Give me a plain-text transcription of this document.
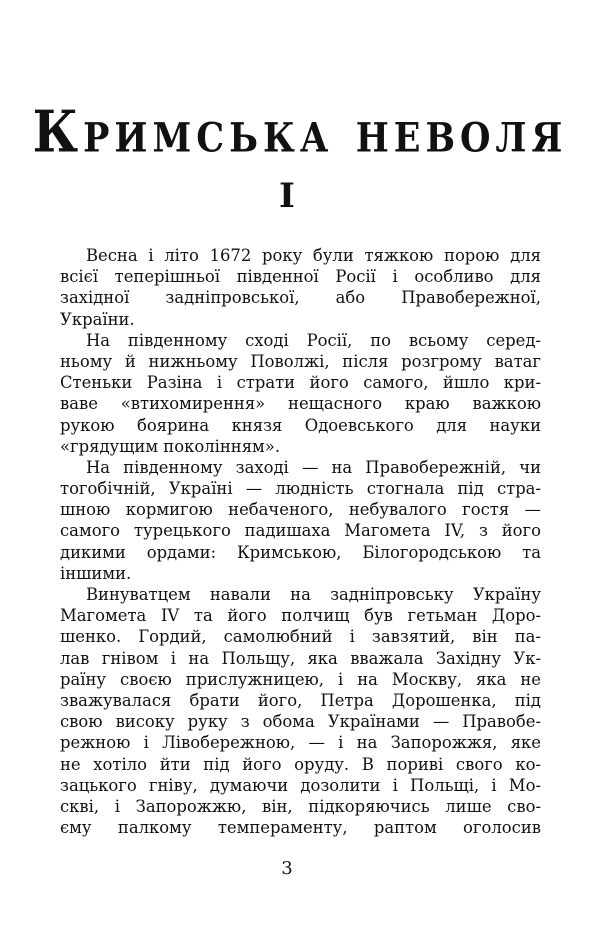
Кримська неволя
I
Весна і літо 1672 року були тяжкою порою для
всієї теперішньої південної Росії і особливо для
західної задніпровської, або Правобережної,
України.
На південному сході Росії, по всьому серед-
ньому й нижньому Поволжі, після розгрому ватаг
Стеньки Разіна і страти його самого, йшло кри-
ваве «втихомирення» нещасного краю важкою
рукою боярина князя Одоевського для науки
«грядущим поколінням».
На південному заході — на Правобережній, чи
тогобічній, Україні — людність стогнала під стра-
шною кормигою небаченого, небувалого гостя —
самого турецького падишаха Магомета IV, з його
дикими ордами: Кримською, Білогородською та
іншими.
Винуватцем навали на задніпровську Україну
Магомета IV та його полчищ був гетьман Доро-
шенко. Гордий, самолюбний і завзятий, він па-
лав гнівом і на Польщу, яка вважала Західну Ук-
раїну своєю прислужницею, і на Москву, яка не
зважувалася брати його, Петра Дорошенка, під
свою високу руку з обома Українами — Правобе-
режною і Лівобережною, — і на Запорожжя, яке
не хотіло йти під його оруду. В пориві свого ко-
зацького гніву, думаючи дозолити і Польщі, і Мо-
скві, і Запорожжю, він, підкоряючись лише сво-
єму палкому темпераменту, раптом оголосив
3
